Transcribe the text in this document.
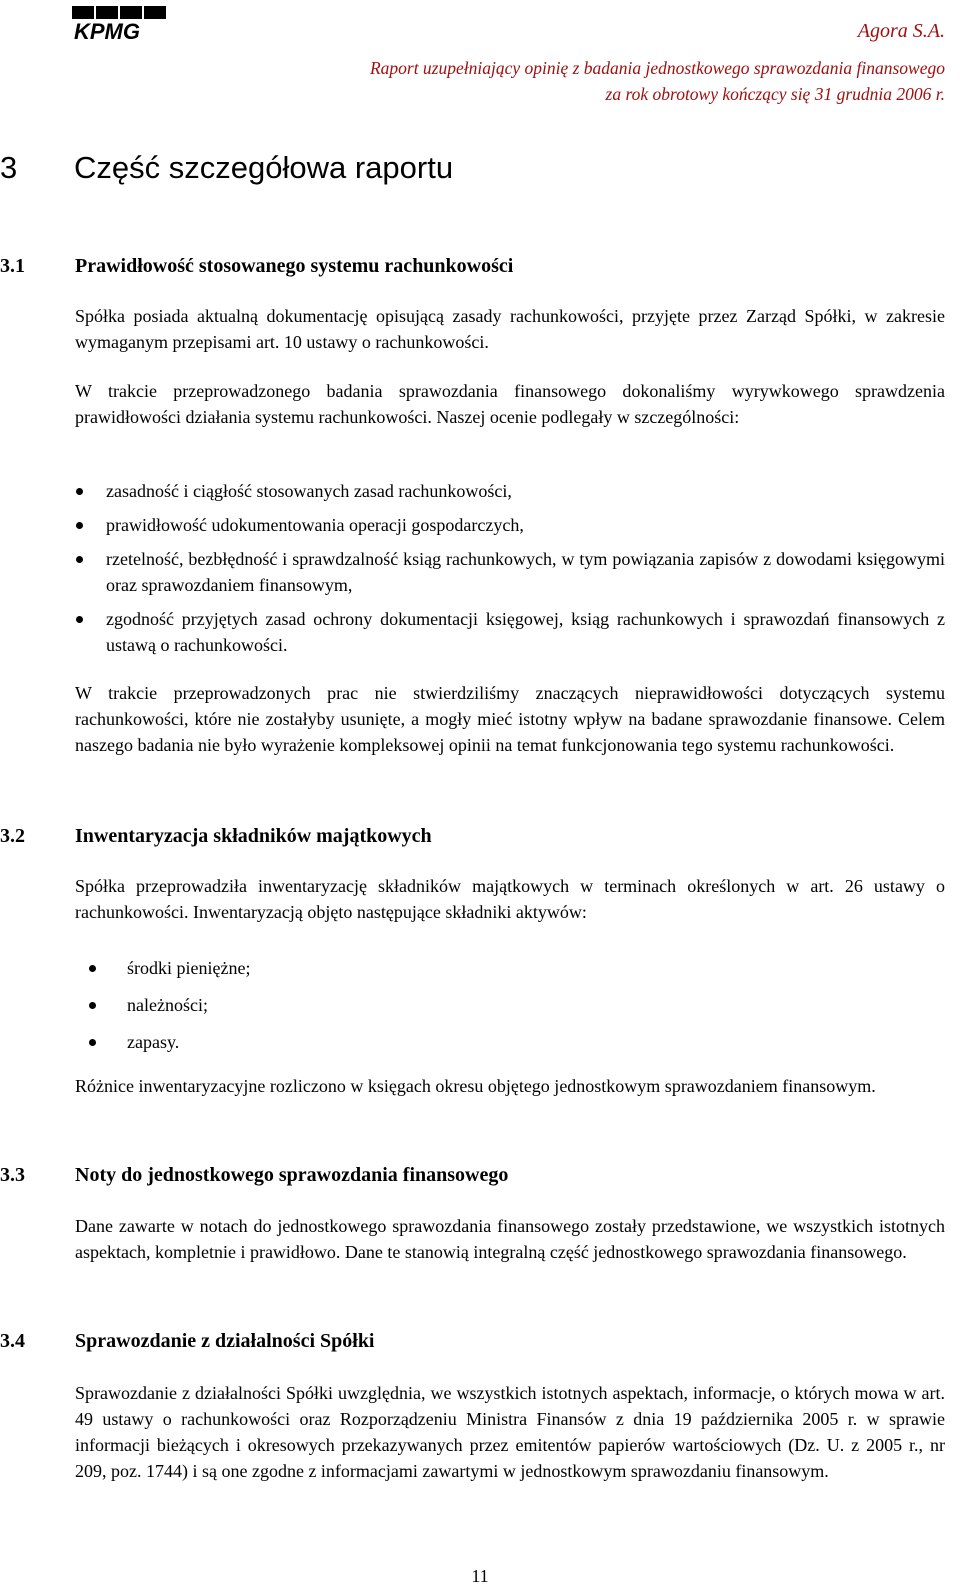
KPMG	Agora S.A.
Raport uzupełniający opinię z badania jednostkowego sprawozdania finansowego
za rok obrotowy kończący się 31 grudnia 2006 r.
3 Część szczegółowa raportu
3.1	Prawidłowość stosowanego systemu rachunkowości

Spółka posiada aktualną dokumentację opisującą zasady rachunkowości, przyjęte przez Zarząd Spółki, w zakresie wymaganym przepisami art. 10 ustawy o rachunkowości.

W trakcie przeprowadzonego badania sprawozdania finansowego dokonaliśmy wyrywkowego sprawdzenia prawidłowości działania systemu rachunkowości. Naszej ocenie podlegały w szczególności:

zasadność i ciągłość stosowanych zasad rachunkowości,
prawidłowość udokumentowania operacji gospodarczych,
rzetelność, bezbłędność i sprawdzalność ksiąg rachunkowych, w tym powiązania zapisów z dowodami księgowymi oraz sprawozdaniem finansowym,
zgodność przyjętych zasad ochrony dokumentacji księgowej, ksiąg rachunkowych i sprawozdań finansowych z ustawą o rachunkowości.

W trakcie przeprowadzonych prac nie stwierdziliśmy znaczących nieprawidłowości dotyczących systemu rachunkowości, które nie zostałyby usunięte, a mogły mieć istotny wpływ na badane sprawozdanie finansowe. Celem naszego badania nie było wyrażenie kompleksowej opinii na temat funkcjonowania tego systemu rachunkowości.

3.2	Inwentaryzacja składników majątkowych

Spółka przeprowadziła inwentaryzację składników majątkowych w terminach określonych w art. 26 ustawy o rachunkowości. Inwentaryzacją objęto następujące składniki aktywów:

środki pieniężne;
należności;
zapasy.

Różnice inwentaryzacyjne rozliczono w księgach okresu objętego jednostkowym sprawozdaniem finansowym.

3.3	Noty do jednostkowego sprawozdania finansowego

Dane zawarte w notach do jednostkowego sprawozdania finansowego zostały przedstawione, we wszystkich istotnych aspektach, kompletnie i prawidłowo. Dane te stanowią integralną część jednostkowego sprawozdania finansowego.

3.4	Sprawozdanie z działalności Spółki

Sprawozdanie z działalności Spółki uwzględnia, we wszystkich istotnych aspektach, informacje, o których mowa w art. 49 ustawy o rachunkowości oraz Rozporządzeniu Ministra Finansów z dnia 19 października 2005 r. w sprawie informacji bieżących i okresowych przekazywanych przez emitentów papierów wartościowych (Dz. U. z 2005 r., nr 209, poz. 1744) i są one zgodne z informacjami zawartymi w jednostkowym sprawozdaniu finansowym.

11
